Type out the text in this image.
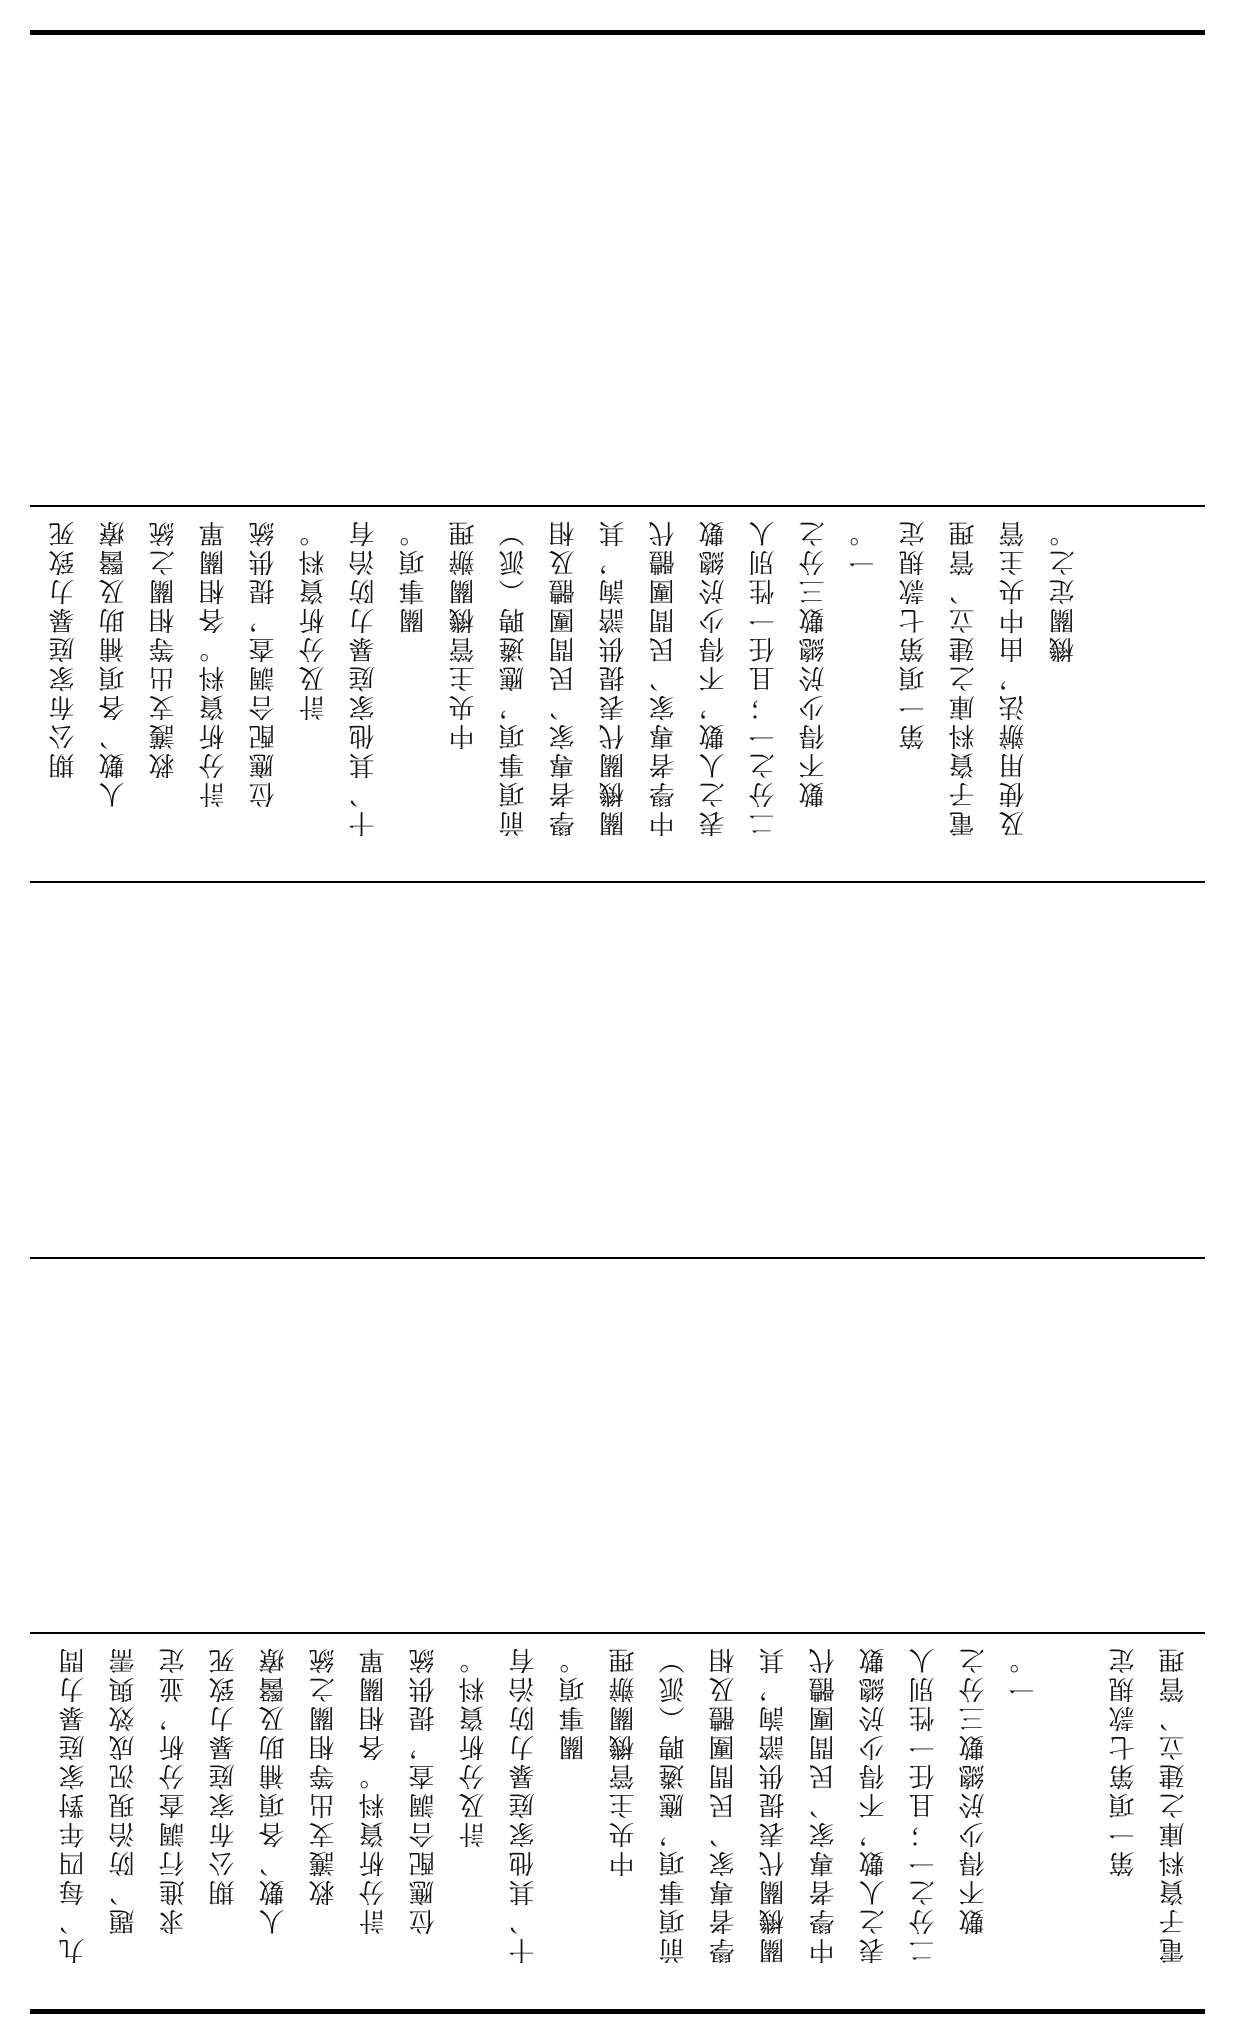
期公布家庭暴力致死 人數、各項補助及醫療 救護支出等相關之統 計分析資料。各相關單 位應配合調查，提供統 計及分析資料。 十、其他家庭暴力防治有 關事項。 中央主管機關辦理 前項事項，應遴聘（派） 學者專家、民間團體及相 關機關代表提供諮詢，其 中學者專家、民間團體代 表之人數，不得少於總數 二分之一；且任一性別人 數不得少於總數三分之 一。 第一項第七款規定 電子資料庫之建立、管理 及使用辦法，由中央主管 機關定之。
九、每四年對家庭暴力問 題、防治現況成效與需 求進行調查分析，並定 期公布家庭暴力致死 人數、各項補助及醫療 救護支出等相關之統 計分析資料。各相關單 位應配合調查，提供統 計及分析資料。 十、其他家庭暴力防治有 關事項。 中央主管機關辦理 前項事項，應遴聘（派） 學者專家、民間團體及相 關機關代表提供諮詢，其 中學者專家、民間團體代 表之人數，不得少於總數 二分之一；且任一性別人 數不得少於總數三分之 一。	第一項第七款規定 電子資料庫之建立、管理
